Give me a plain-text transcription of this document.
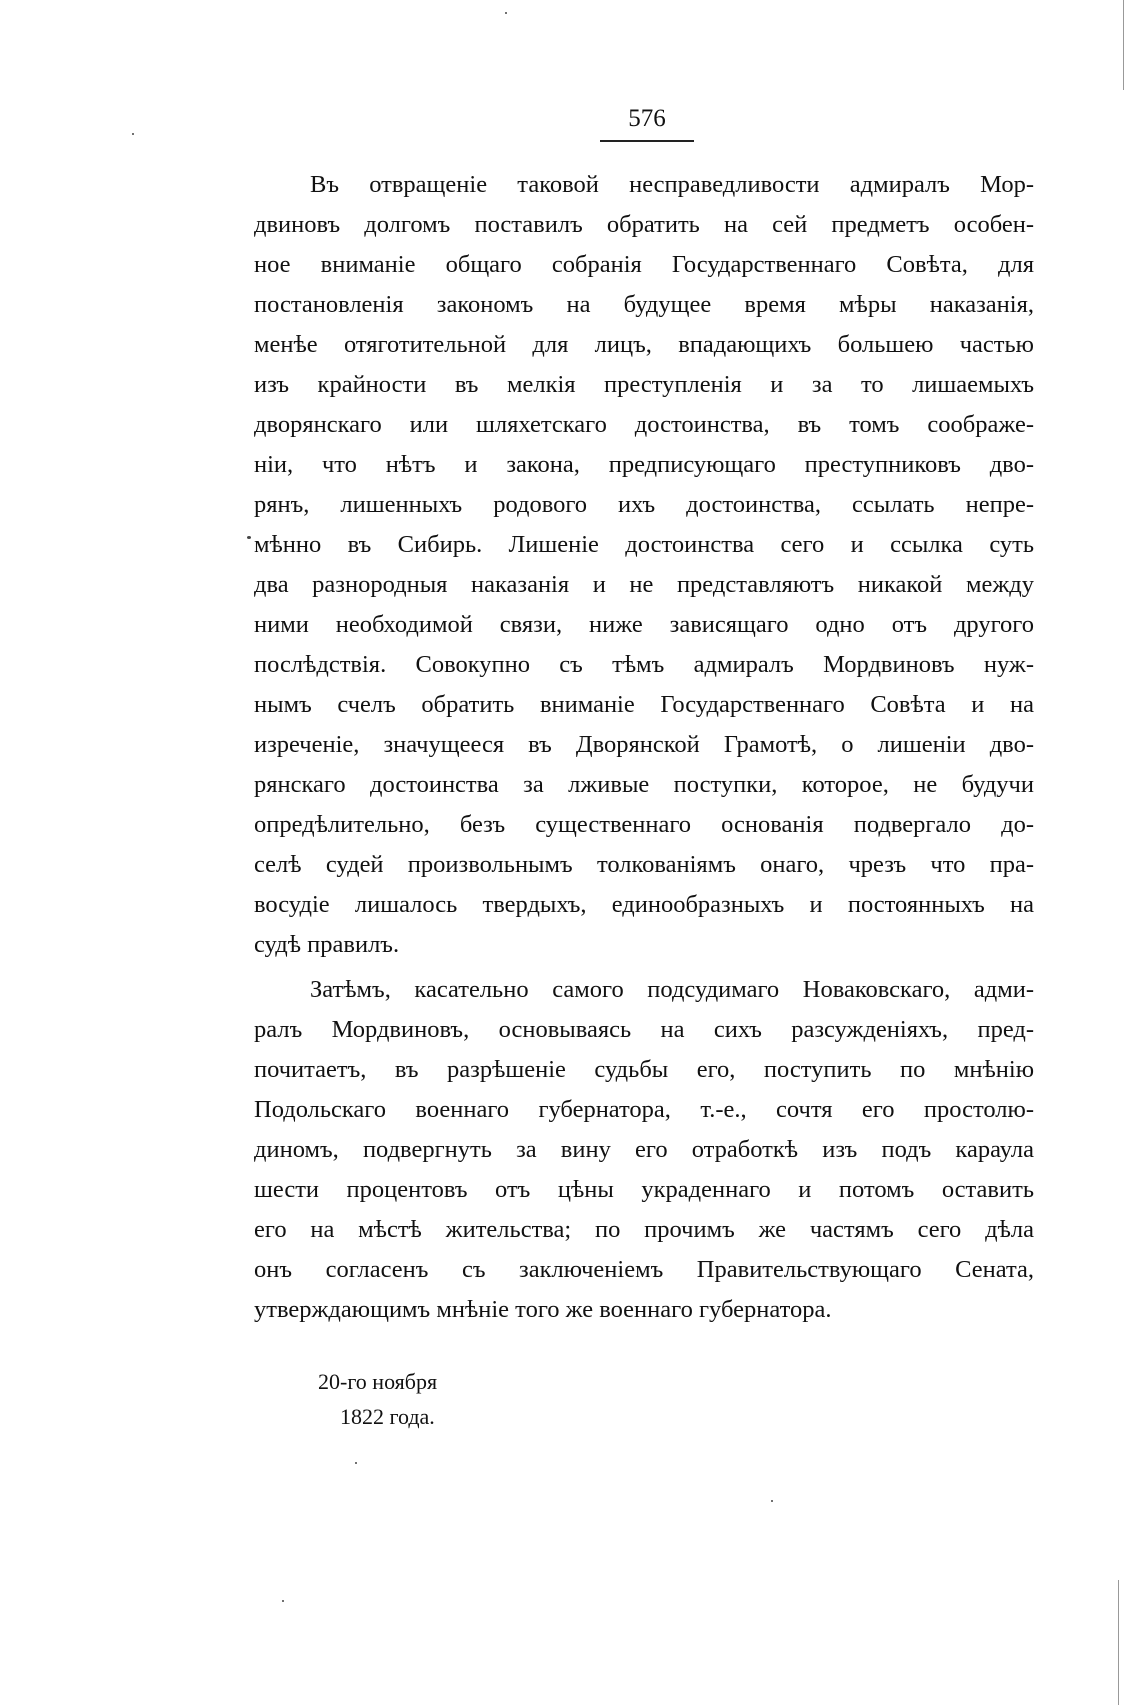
576
Въ отвращеніе таковой несправедливости адмиралъ Мор-
двиновъ долгомъ поставилъ обратить на сей предметъ особен-
ное вниманіе общаго собранія Государственнаго Совѣта, для
постановленія закономъ на будущее время мѣры наказанія,
менѣе отяготительной для лицъ, впадающихъ большею частью
изъ крайности въ мелкія преступленія и за то лишаемыхъ
дворянскаго или шляхетскаго достоинства, въ томъ соображе-
ніи, что нѣтъ и закона, предписующаго преступниковъ дво-
рянъ, лишенныхъ родового ихъ достоинства, ссылать непре-
мѣнно въ Сибирь. Лишеніе достоинства сего и ссылка суть
два разнородныя наказанія и не представляютъ никакой между
ними необходимой связи, ниже зависящаго одно отъ другого
послѣдствія. Совокупно съ тѣмъ адмиралъ Мордвиновъ нуж-
нымъ счелъ обратить вниманіе Государственнаго Совѣта и на
изреченіе, значущееся въ Дворянской Грамотѣ, о лишеніи дво-
рянскаго достоинства за лживые поступки, которое, не будучи
опредѣлительно, безъ существеннаго основанія подвергало до-
селѣ судей произвольнымъ толкованіямъ онаго, чрезъ что пра-
восудіе лишалось твердыхъ, единообразныхъ и постоянныхъ на
судѣ правилъ.
Затѣмъ, касательно самого подсудимаго Новаковскаго, адми-
ралъ Мордвиновъ, основываясь на сихъ разсужденіяхъ, пред-
почитаетъ, въ разрѣшеніе судьбы его, поступить по мнѣнію
Подольскаго военнаго губернатора, т.-е., сочтя его простолю-
диномъ, подвергнуть за вину его отработкѣ изъ подъ караула
шести процентовъ отъ цѣны украденнаго и потомъ оставить
его на мѣстѣ жительства; по прочимъ же частямъ сего дѣла
онъ согласенъ съ заключеніемъ Правительствующаго Сената,
утверждающимъ мнѣніе того же военнаго губернатора.
20-го ноября
1822 года.
